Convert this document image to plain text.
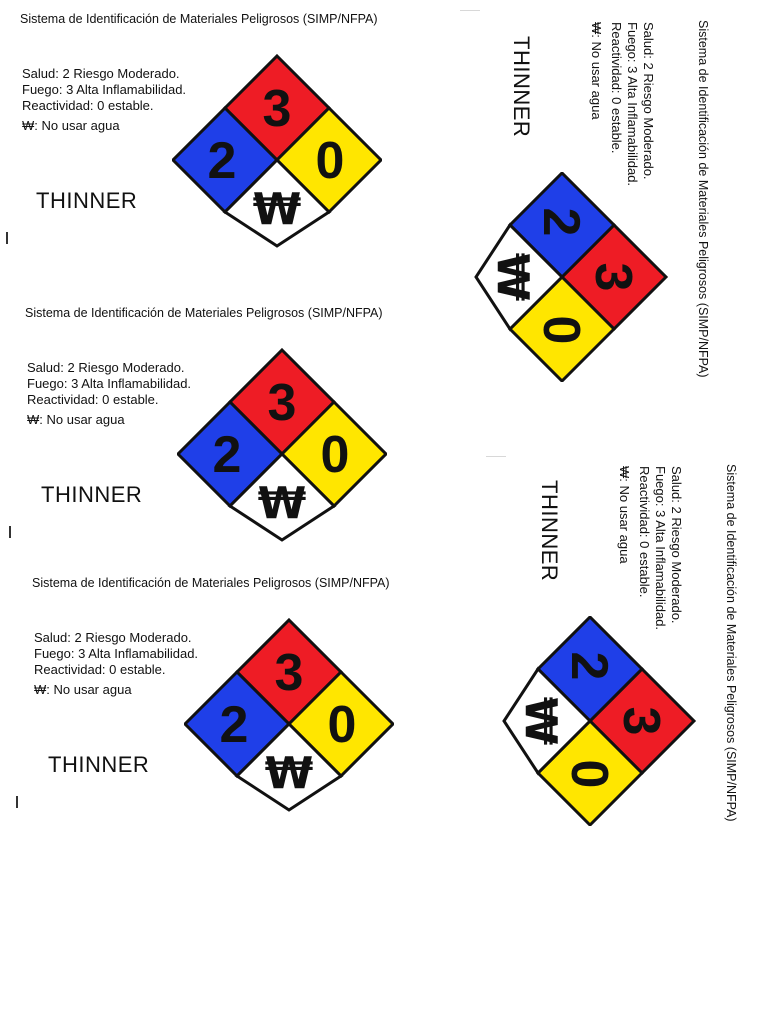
Sistema de Identificación de Materiales Peligrosos (SIMP/NFPA)
Salud: 2 Riesgo Moderado.
Fuego: 3 Alta Inflamabilidad.
Reactividad: 0 estable.
₩: No usar agua
THINNER
3
2 0
₩
Sistema de Identificación de Materiales Peligrosos (SIMP/NFPA)
Salud: 2 Riesgo Moderado.
Fuego: 3 Alta Inflamabilidad.
Reactividad: 0 estable.
₩: No usar agua
THINNER
3
2 0
₩
Sistema de Identificación de Materiales Peligrosos (SIMP/NFPA)
Salud: 2 Riesgo Moderado.
Fuego: 3 Alta Inflamabilidad.
Reactividad: 0 estable.
₩: No usar agua
THINNER
3
2 0
₩
Sistema de Identificación de Materiales Peligrosos (SIMP/NFPA)
Salud: 2 Riesgo Moderado.
Fuego: 3 Alta Inflamabilidad.
Reactividad: 0 estable.
₩: No usar agua
THINNER
3
2
0
₩
Sistema de Identificación de Materiales Peligrosos (SIMP/NFPA)
Salud: 2 Riesgo Moderado.
Fuego: 3 Alta Inflamabilidad.
Reactividad: 0 estable.
₩: No usar agua
THINNER
3
2
0
₩
